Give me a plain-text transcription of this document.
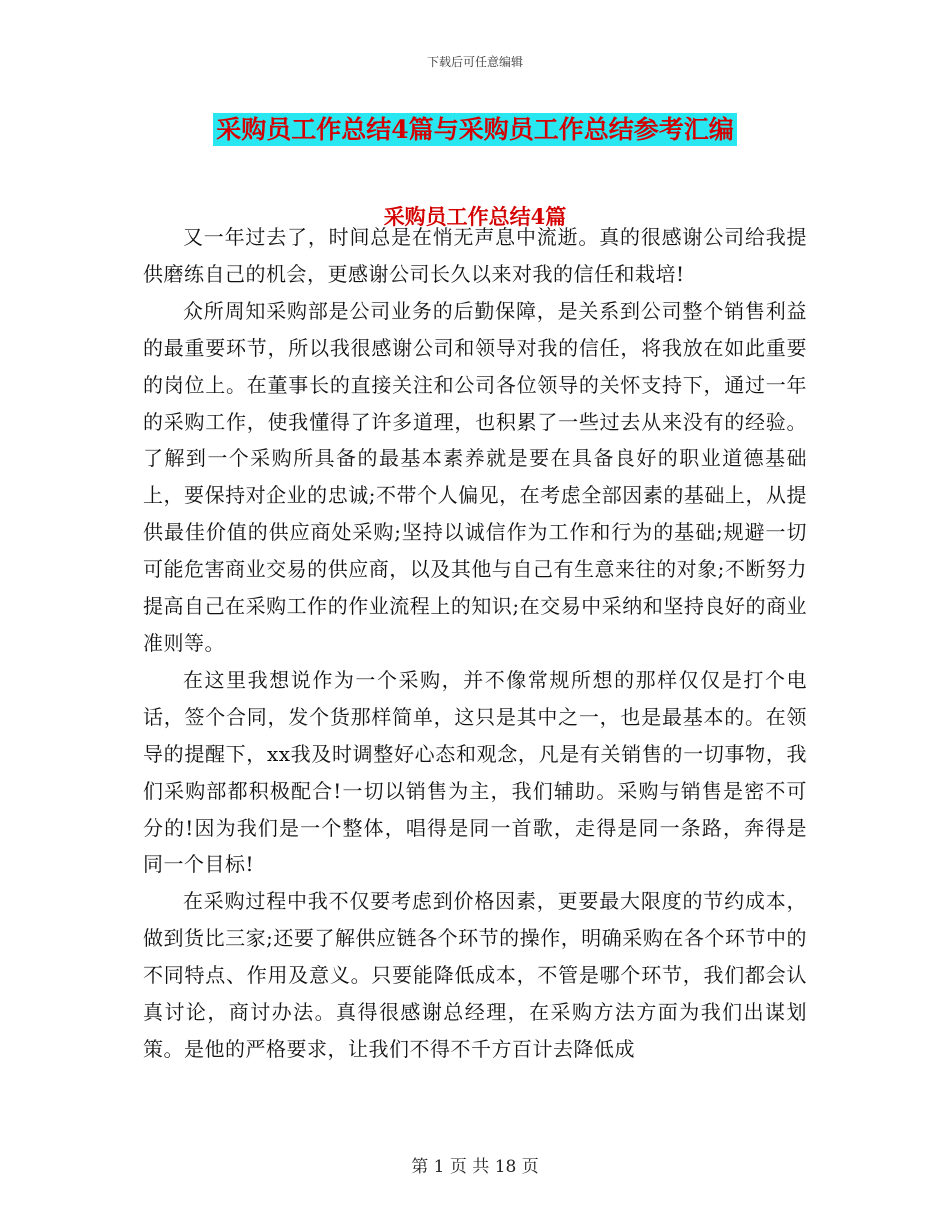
下载后可任意编辑
采购员工作总结4篇与采购员工作总结参考汇编
采购员工作总结4篇

又一年过去了，时间总是在悄无声息中流逝。真的很感谢公司给我提供磨练自己的机会，更感谢公司长久以来对我的信任和栽培!

众所周知采购部是公司业务的后勤保障，是关系到公司整个销售利益的最重要环节，所以我很感谢公司和领导对我的信任，将我放在如此重要的岗位上。在董事长的直接关注和公司各位领导的关怀支持下，通过一年的采购工作，使我懂得了许多道理，也积累了一些过去从来没有的经验。了解到一个采购所具备的最基本素养就是要在具备良好的职业道德基础上，要保持对企业的忠诚;不带个人偏见，在考虑全部因素的基础上，从提供最佳价值的供应商处采购;坚持以诚信作为工作和行为的基础;规避一切可能危害商业交易的供应商，以及其他与自己有生意来往的对象;不断努力提高自己在采购工作的作业流程上的知识;在交易中采纳和坚持良好的商业准则等。

在这里我想说作为一个采购，并不像常规所想的那样仅仅是打个电话，签个合同，发个货那样简单，这只是其中之一，也是最基本的。在领导的提醒下，xx我及时调整好心态和观念，凡是有关销售的一切事物，我们采购部都积极配合!一切以销售为主，我们辅助。采购与销售是密不可分的!因为我们是一个整体，唱得是同一首歌，走得是同一条路，奔得是同一个目标!

在采购过程中我不仅要考虑到价格因素，更要最大限度的节约成本，做到货比三家;还要了解供应链各个环节的操作，明确采购在各个环节中的不同特点、作用及意义。只要能降低成本，不管是哪个环节，我们都会认真讨论，商讨办法。真得很感谢总经理，在采购方法方面为我们出谋划策。是他的严格要求，让我们不得不千方百计去降低成

第 1 页 共 18 页
